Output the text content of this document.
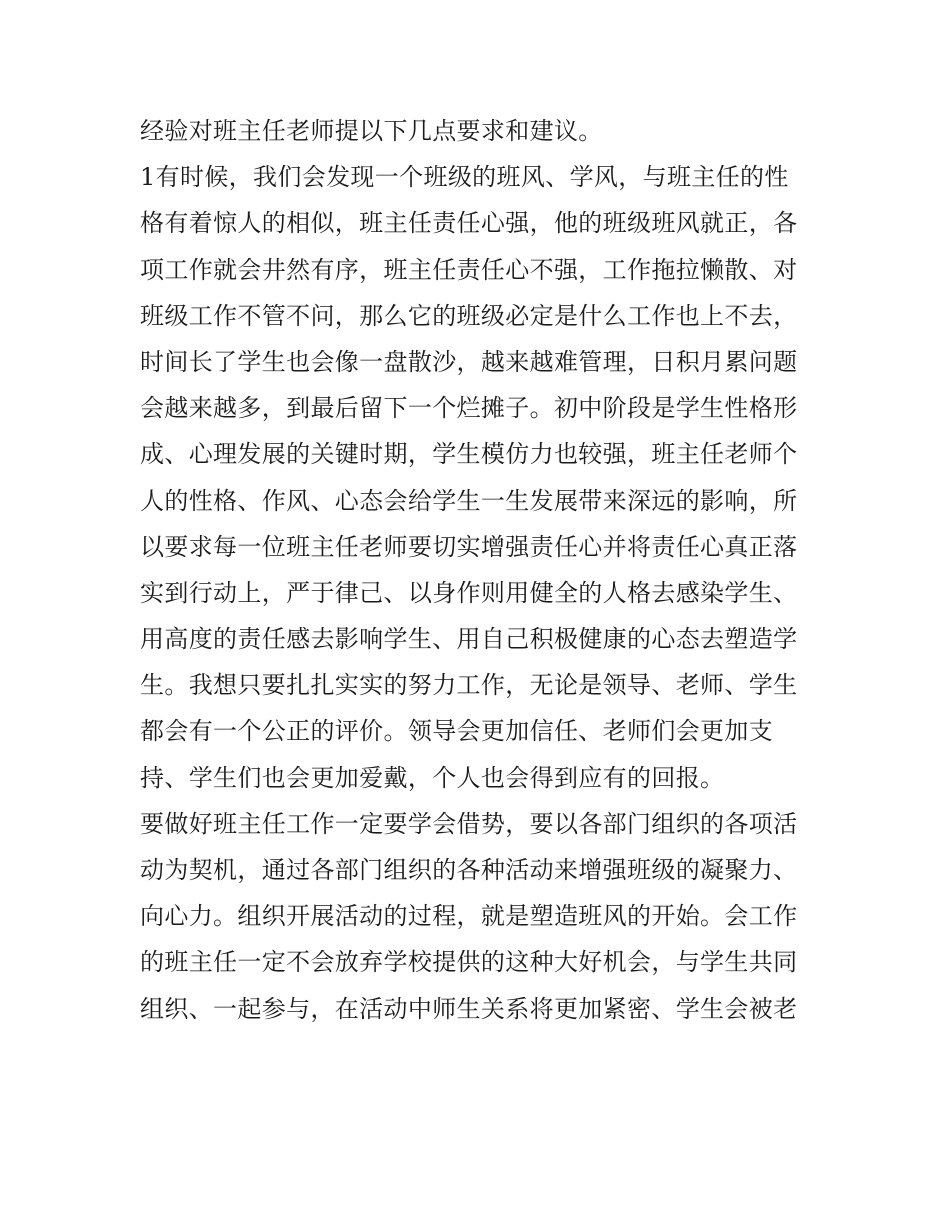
经验对班主任老师提以下几点要求和建议。
1有时候，我们会发现一个班级的班风、学风，与班主任的性
格有着惊人的相似，班主任责任心强，他的班级班风就正，各
项工作就会井然有序，班主任责任心不强，工作拖拉懒散、对
班级工作不管不问，那么它的班级必定是什么工作也上不去，
时间长了学生也会像一盘散沙，越来越难管理，日积月累问题
会越来越多，到最后留下一个烂摊子。初中阶段是学生性格形
成、心理发展的关键时期，学生模仿力也较强，班主任老师个
人的性格、作风、心态会给学生一生发展带来深远的影响，所
以要求每一位班主任老师要切实增强责任心并将责任心真正落
实到行动上，严于律己、以身作则用健全的人格去感染学生、
用高度的责任感去影响学生、用自己积极健康的心态去塑造学
生。我想只要扎扎实实的努力工作，无论是领导、老师、学生
都会有一个公正的评价。领导会更加信任、老师们会更加支
持、学生们也会更加爱戴，个人也会得到应有的回报。
要做好班主任工作一定要学会借势，要以各部门组织的各项活
动为契机，通过各部门组织的各种活动来增强班级的凝聚力、
向心力。组织开展活动的过程，就是塑造班风的开始。会工作
的班主任一定不会放弃学校提供的这种大好机会，与学生共同
组织、一起参与，在活动中师生关系将更加紧密、学生会被老
